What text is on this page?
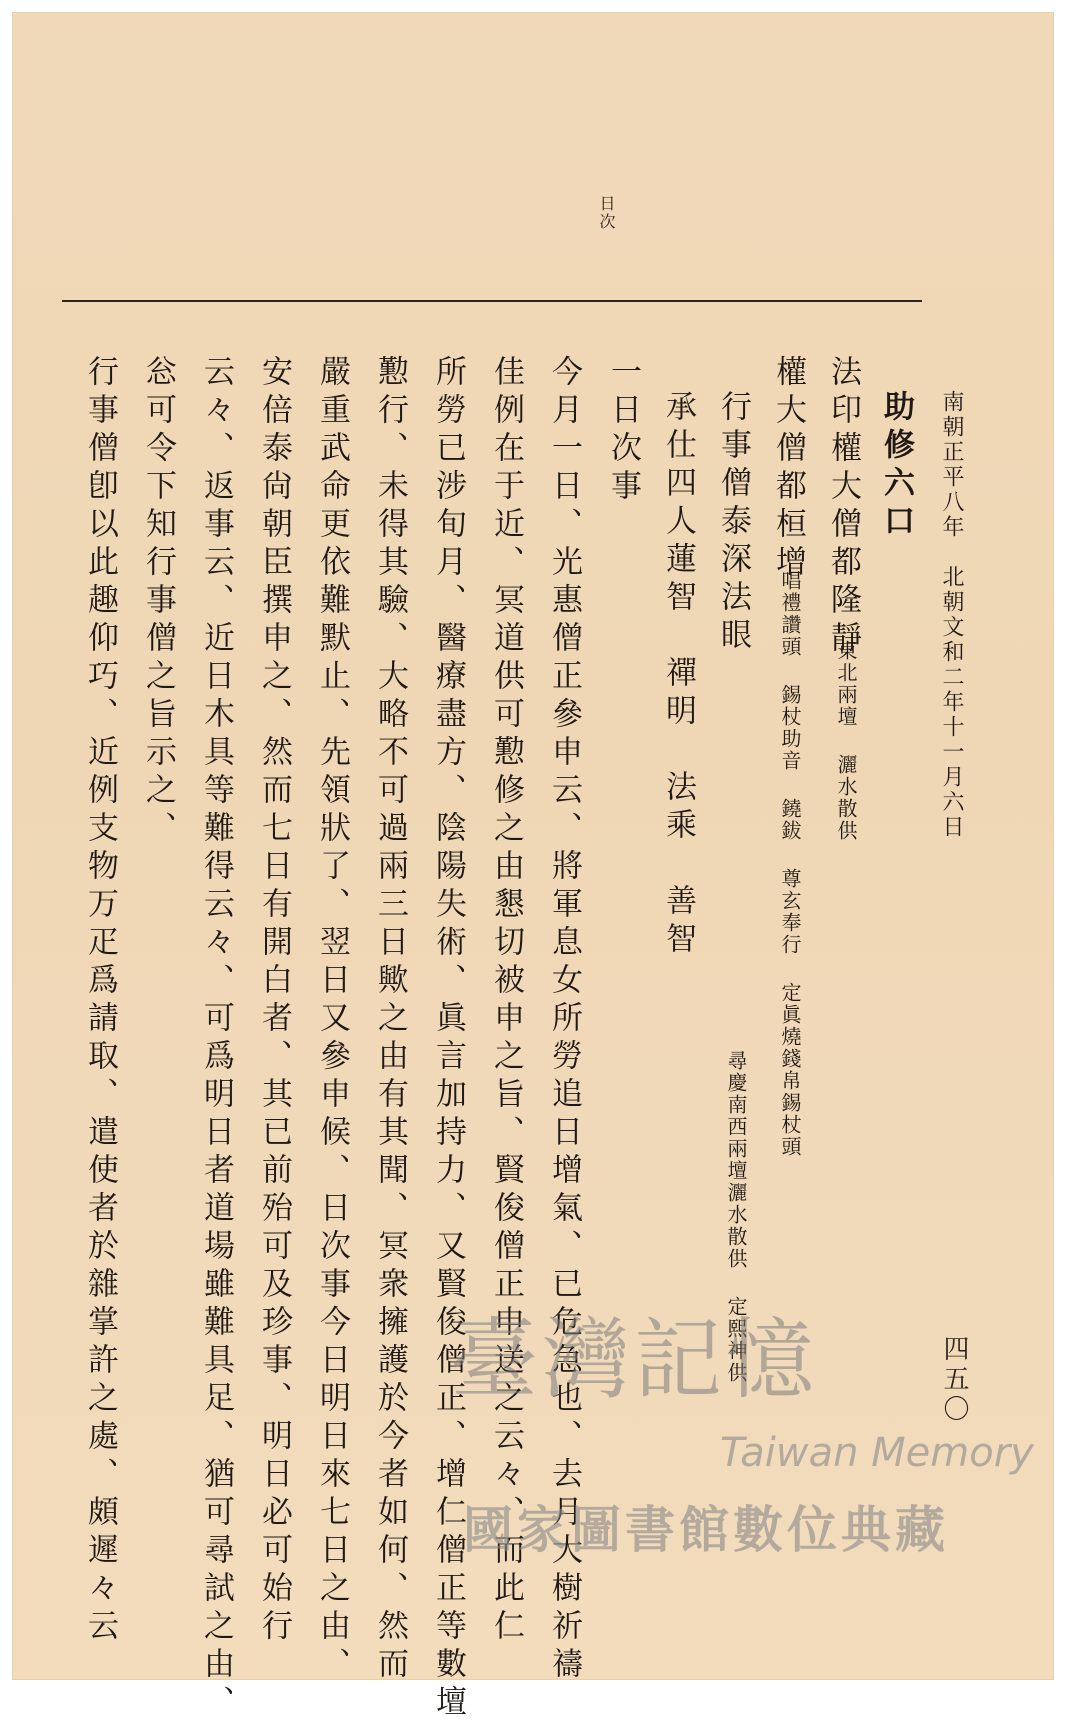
日次
南朝正平八年　北朝文和二年十一月六日
助修六口
法印權大僧都隆靜
東北兩壇 灑水散供
權大僧都桓增
唱禮讚頭 錫杖助音 鐃鈸 尊玄奉行 定眞燒錢帛錫杖頭
行事僧泰深法眼
尋慶南西兩壇灑水散供 定熙神供
承仕四人蓮智　禪明　法乘　善智
一日次事
今月一日、光惠僧正參申云、將軍息女所勞追日增氣、已危急也、去月大樹祈禱
佳例在于近、冥道供可懃修之由懇切被申之旨、賢俊僧正申送之云々、而此仁
所勞已涉旬月、醫療盡方、陰陽失術、眞言加持力、又賢俊僧正、增仁僧正等數壇
懃行、未得其驗、大略不可過兩三日歟之由有其聞、冥衆擁護於今者如何、然而
嚴重武命更依難默止、先領狀了、翌日又參申候、日次事今日明日來七日之由、
安倍泰尙朝臣撰申之、然而七日有開白者、其已前殆可及珍事、明日必可始行
云々、返事云、近日木具等難得云々、可爲明日者道場雖難具足、猶可尋試之由、
忩可令下知行事僧之旨示之、
行事僧卽以此趣仰巧、近例支物万疋爲請取、遣使者於雜掌許之處、頗遲々云	四五〇
臺灣記憶
Taiwan Memory
國家圖書館數位典藏
